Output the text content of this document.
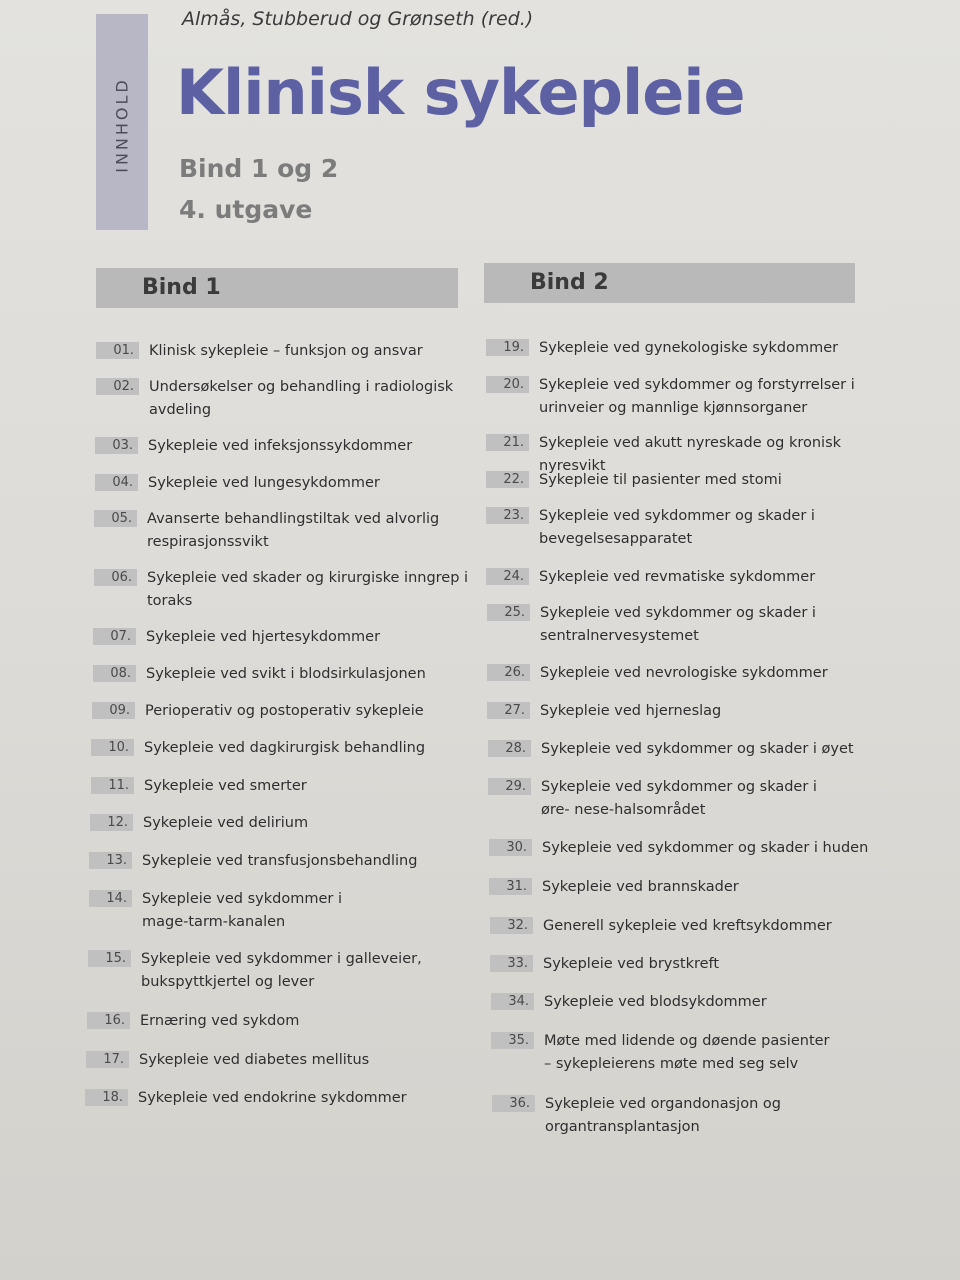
INNHOLD
Almås, Stubberud og Grønseth (red.)
Klinisk sykepleie
Bind 1 og 2
4. utgave
Bind 1	Bind 2
01.	Klinisk sykepleie – funksjon og ansvar
02.	Undersøkelser og behandling i radiologisk
avdeling
03.	Sykepleie ved infeksjonssykdommer
04.	Sykepleie ved lungesykdommer
05.	Avanserte behandlingstiltak ved alvorlig
respirasjonssvikt
06.	Sykepleie ved skader og kirurgiske inngrep i
toraks
07.	Sykepleie ved hjertesykdommer
08.	Sykepleie ved svikt i blodsirkulasjonen
09.	Perioperativ og postoperativ sykepleie
10.	Sykepleie ved dagkirurgisk behandling
11.	Sykepleie ved smerter
12.	Sykepleie ved delirium
13.	Sykepleie ved transfusjonsbehandling
14.	Sykepleie ved sykdommer i
mage-tarm-kanalen
15.	Sykepleie ved sykdommer i galleveier,
bukspyttkjertel og lever
16.	Ernæring ved sykdom
17.	Sykepleie ved diabetes mellitus
18.	Sykepleie ved endokrine sykdommer
19.	Sykepleie ved gynekologiske sykdommer
20.	Sykepleie ved sykdommer og forstyrrelser i
urinveier og mannlige kjønnsorganer
21.	Sykepleie ved akutt nyreskade og kronisk nyresvikt
22.	Sykepleie til pasienter med stomi
23.	Sykepleie ved sykdommer og skader i
bevegelsesapparatet
24.	Sykepleie ved revmatiske sykdommer
25.	Sykepleie ved sykdommer og skader i
sentralnervesystemet
26.	Sykepleie ved nevrologiske sykdommer
27.	Sykepleie ved hjerneslag
28.	Sykepleie ved sykdommer og skader i øyet
29.	Sykepleie ved sykdommer og skader i
øre- nese-halsområdet
30.	Sykepleie ved sykdommer og skader i huden
31.	Sykepleie ved brannskader
32.	Generell sykepleie ved kreftsykdommer
33.	Sykepleie ved brystkreft
34.	Sykepleie ved blodsykdommer
35.	Møte med lidende og døende pasienter
– sykepleierens møte med seg selv
36.	Sykepleie ved organdonasjon og
organtransplantasjon
